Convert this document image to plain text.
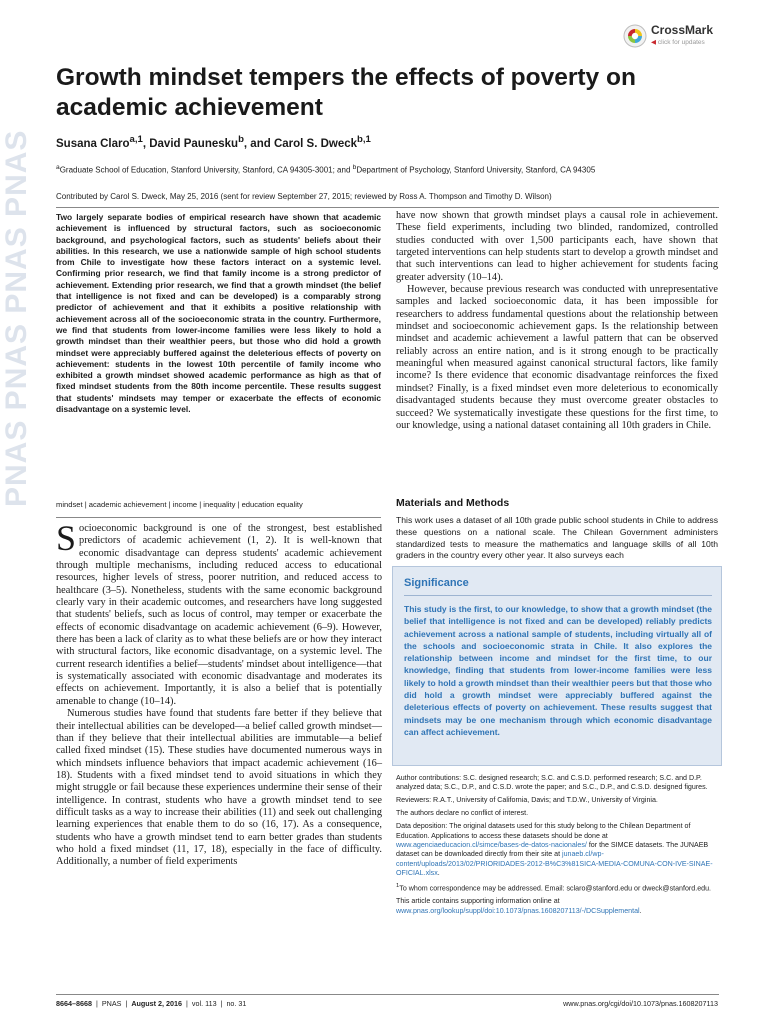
PNAS PNAS PNAS PNAS
CrossMark
◀ click for updates
Growth mindset tempers the effects of poverty on academic achievement
Susana Claro$^{a,1}$, David Paunesku$^b$, and Carol S. Dweck$^{b,1}$
$^a$Graduate School of Education, Stanford University, Stanford, CA 94305-3001; and $^b$Department of Psychology, Stanford University, Stanford, CA 94305
Contributed by Carol S. Dweck, May 25, 2016 (sent for review September 27, 2015; reviewed by Ross A. Thompson and Timothy D. Wilson)
Two largely separate bodies of empirical research have shown that academic achievement is influenced by structural factors, such as socioeconomic background, and psychological factors, such as students' beliefs about their abilities. In this research, we use a nationwide sample of high school students from Chile to investigate how these factors interact on a systemic level. Confirming prior research, we find that family income is a strong predictor of achievement. Extending prior research, we find that a growth mindset (the belief that intelligence is not fixed and can be developed) is a comparably strong predictor of achievement and that it exhibits a positive relationship with achievement across all of the socioeconomic strata in the country. Furthermore, we find that students from lower-income families were less likely to hold a growth mindset than their wealthier peers, but those who did hold a growth mindset were appreciably buffered against the deleterious effects of poverty on achievement: students in the lowest 10th percentile of family income who exhibited a growth mindset showed academic performance as high as that of fixed mindset students from the 80th income percentile. These results suggest that students' mindsets may temper or exacerbate the effects of economic disadvantage on a systemic level.
mindset | academic achievement | income | inequality | education equality

Socioeconomic background is one of the strongest, best established predictors of academic achievement (1, 2). It is well-known that economic disadvantage can depress students' academic achievement through multiple mechanisms, including reduced access to educational resources, higher levels of stress, poorer nutrition, and reduced access to healthcare (3–5). Nonetheless, students with the same economic background clearly vary in their academic outcomes, and researchers have long suggested that students' beliefs, such as locus of control, may temper or exacerbate the effects of economic disadvantage on academic achievement (6–9). However, there has been a lack of clarity as to what these beliefs are or how they interact with structural factors, like economic disadvantage, on a systemic level. The current research identifies a belief—students' mindset about intelligence—that is systematically associated with economic disadvantage and moderates its effects on achievement. Importantly, it is also a belief that is potentially amenable to change (10–14).

Numerous studies have found that students fare better if they believe that their intellectual abilities can be developed—a belief called growth mindset—than if they believe that their intellectual abilities are immutable—a belief called fixed mindset (15). These studies have documented numerous ways in which mindsets influence behaviors that impact academic achievement (16–18). Students with a fixed mindset tend to avoid situations in which they might struggle or fail because these experiences undermine their sense of their intelligence. In contrast, students who have a growth mindset tend to see difficult tasks as a way to increase their abilities (11) and seek out challenging learning experiences that enable them to do so (16, 17). As a consequence, students who have a growth mindset tend to earn better grades than students who hold a fixed mindset (11, 17, 18), especially in the face of difficulty. Additionally, a number of field experiments

have now shown that growth mindset plays a causal role in achievement. These field experiments, including two blinded, randomized, controlled studies conducted with over 1,500 participants each, have shown that targeted interventions can help students start to develop a growth mindset and that such interventions can lead to higher achievement for students facing greater adversity (10–14).

However, because previous research was conducted with unrepresentative samples and lacked socioeconomic data, it has been impossible for researchers to address fundamental questions about the relationship between mindset and socioeconomic achievement gaps. Is the relationship between mindset and academic achievement a lawful pattern that can be observed reliably across an entire nation, and is it strong enough to be practically meaningful when measured against canonical structural factors, like family income? Is there evidence that economic disadvantage reinforces the fixed mindset? Finally, is a fixed mindset even more deleterious to economically disadvantaged students because they must overcome greater obstacles to succeed? We systematically investigate these questions for the first time, to our knowledge, using a national dataset containing all 10th graders in Chile.

Materials and Methods
This work uses a dataset of all 10th grade public school students in Chile to address these questions on a national scale. The Chilean Government administers standardized tests to measure the mathematics and language skills of all 10th graders in the country every other year. It also surveys each
Significance
This study is the first, to our knowledge, to show that a growth mindset (the belief that intelligence is not fixed and can be developed) reliably predicts achievement across a national sample of students, including virtually all of the schools and socioeconomic strata in Chile. It also explores the relationship between income and mindset for the first time, to our knowledge, finding that students from lower-income families were less likely to hold a growth mindset than their wealthier peers but that those who did hold a growth mindset were appreciably buffered against the deleterious effects of poverty on achievement. These results suggest that mindsets may be one mechanism through which economic disadvantage can affect achievement.

Author contributions: S.C. designed research; S.C. and C.S.D. performed research; S.C. and D.P. analyzed data; S.C., D.P., and C.S.D. wrote the paper; and S.C., D.P., and C.S.D. designed figures.

Reviewers: R.A.T., University of California, Davis; and T.D.W., University of Virginia.

The authors declare no conflict of interest.

Data deposition: The original datasets used for this study belong to the Chilean Department of Education. Applications to access these datasets should be done at www.agenciaeducacion.cl/simce/bases-de-datos-nacionales/ for the SIMCE datasets. The JUNAEB dataset can be downloaded directly from their site at junaeb.cl/wp-content/uploads/2013/02/PRIORIDADES-2012-B%C3%81SICA-MEDIA-COMUNA-CON-IVE-SINAE-OFICIAL.xlsx.

$^1$To whom correspondence may be addressed. Email: sclaro@stanford.edu or dweck@stanford.edu.

This article contains supporting information online at www.pnas.org/lookup/suppl/doi:10.1073/pnas.1608207113/-/DCSupplemental.

8664–8668 | PNAS | August 2, 2016 | vol. 113 | no. 31	www.pnas.org/cgi/doi/10.1073/pnas.1608207113
